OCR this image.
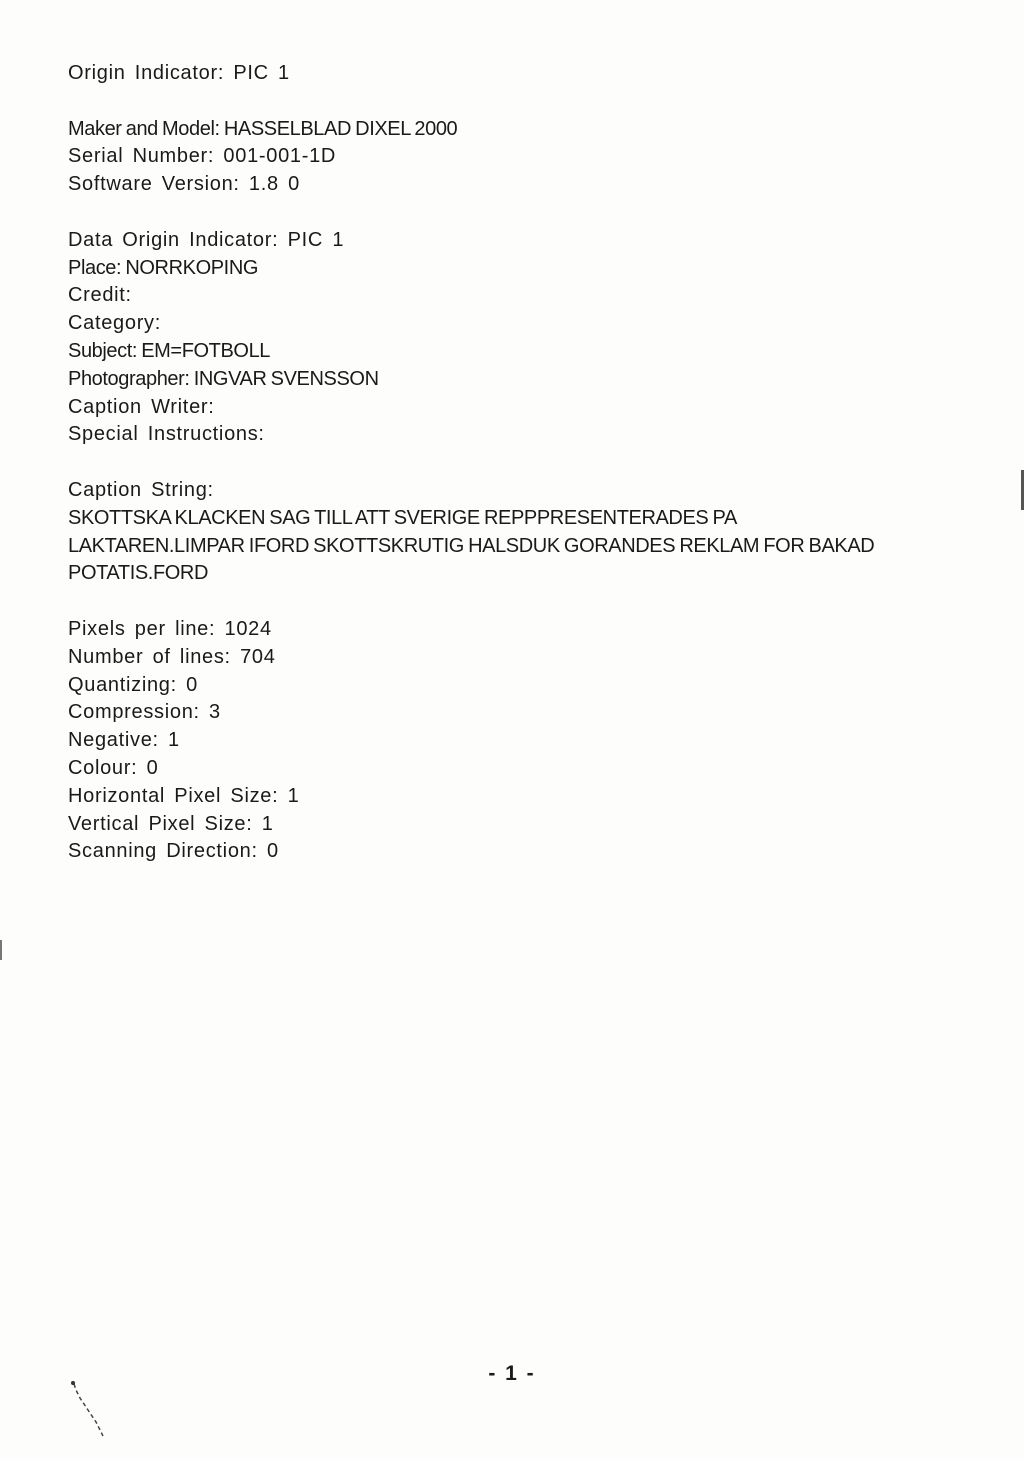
Origin Indicator: PIC 1
Maker and Model: HASSELBLAD DIXEL 2000
Serial Number: 001-001-1D
Software Version: 1.8 0
Data Origin Indicator: PIC 1
Place: NORRKOPING
Credit:
Category:
Subject: EM=FOTBOLL
Photographer: INGVAR SVENSSON
Caption Writer:
Special Instructions:
Caption String:
SKOTTSKA KLACKEN SAG TILL ATT SVERIGE REPPPRESENTERADES PA
LAKTAREN.LIMPAR IFORD SKOTTSKRUTIG HALSDUK GORANDES REKLAM FOR BAKAD
POTATIS.FORD
Pixels per line: 1024
Number of lines: 704
Quantizing: 0
Compression: 3
Negative: 1
Colour: 0
Horizontal Pixel Size: 1
Vertical Pixel Size: 1
Scanning Direction: 0
- 1 -
